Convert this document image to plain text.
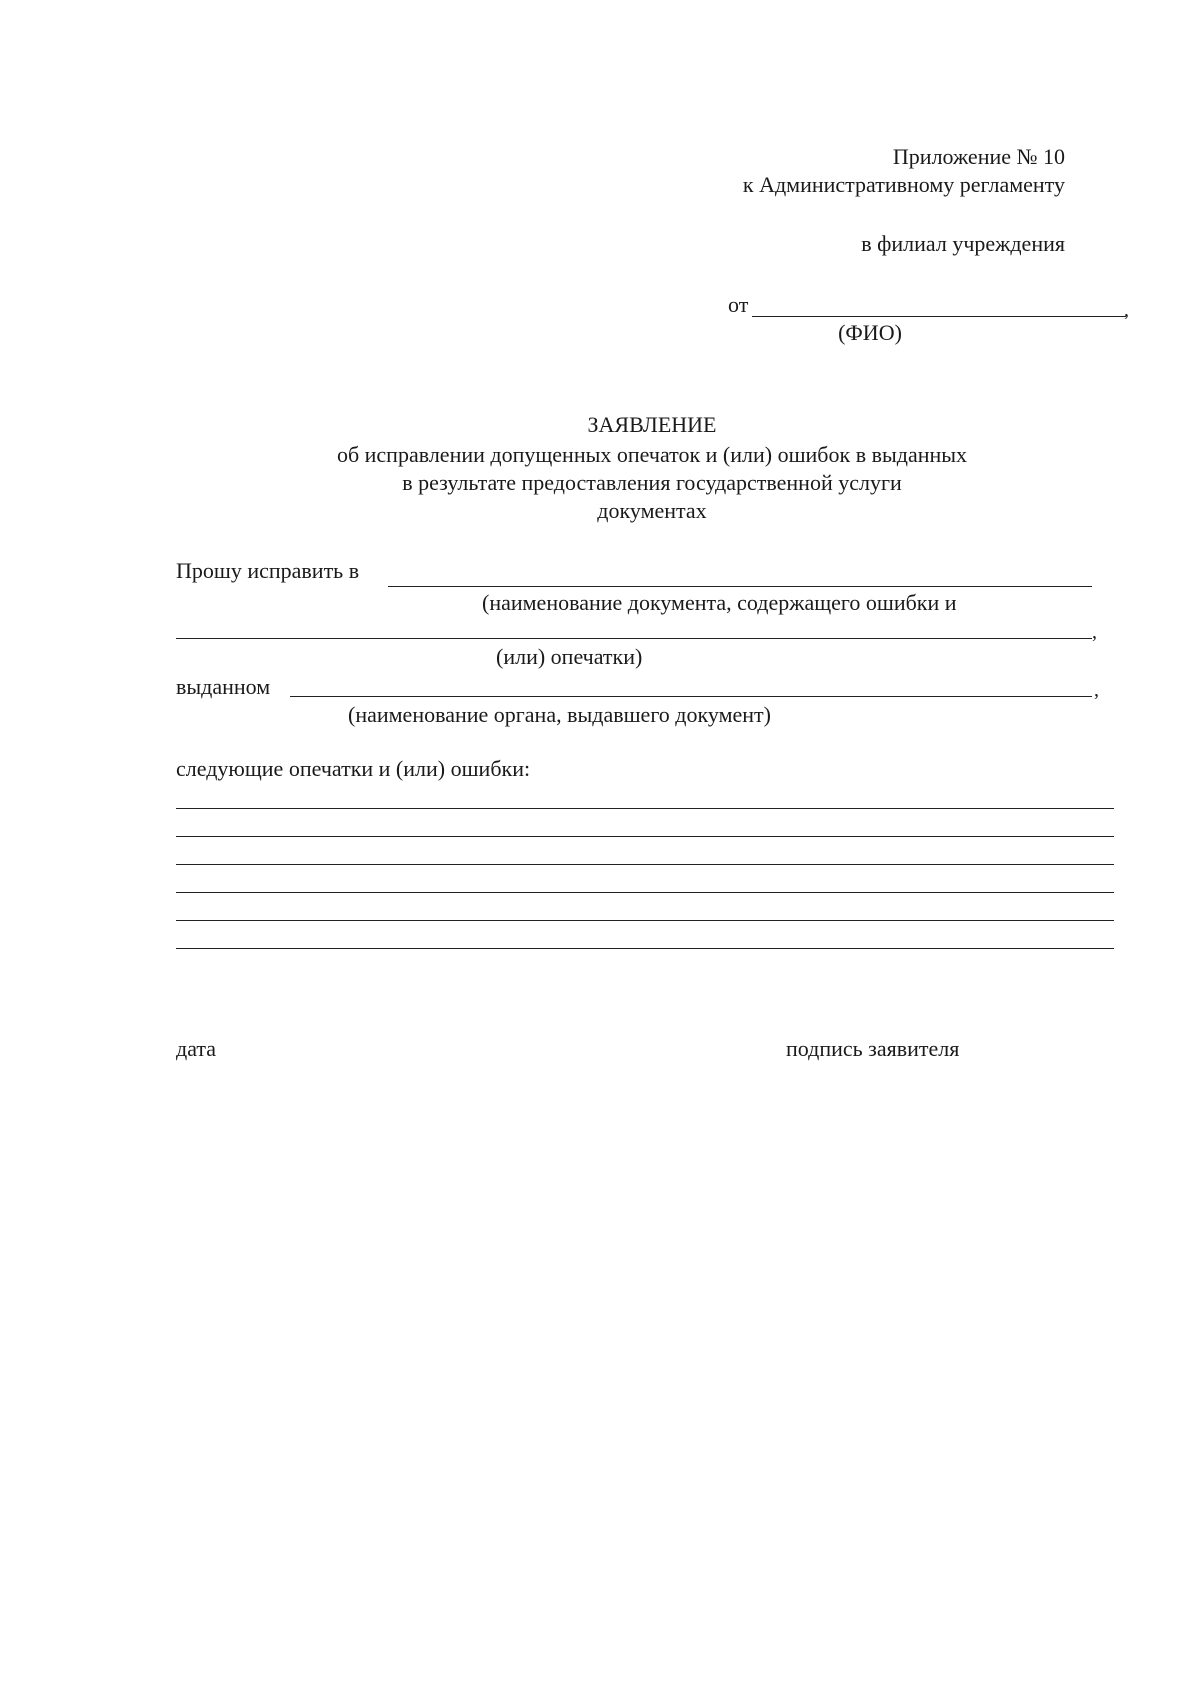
Приложение № 10
к Административному регламенту
в филиал учреждения
от	,
(ФИО)
ЗАЯВЛЕНИЕ
об исправлении допущенных опечаток и (или) ошибок в выданных
в результате предоставления государственной услуги
документах
Прошу исправить в
(наименование документа, содержащего ошибки и
,
(или) опечатки)
выданном	,
(наименование органа, выдавшего документ)
следующие опечатки и (или) ошибки:
дата	подпись заявителя
